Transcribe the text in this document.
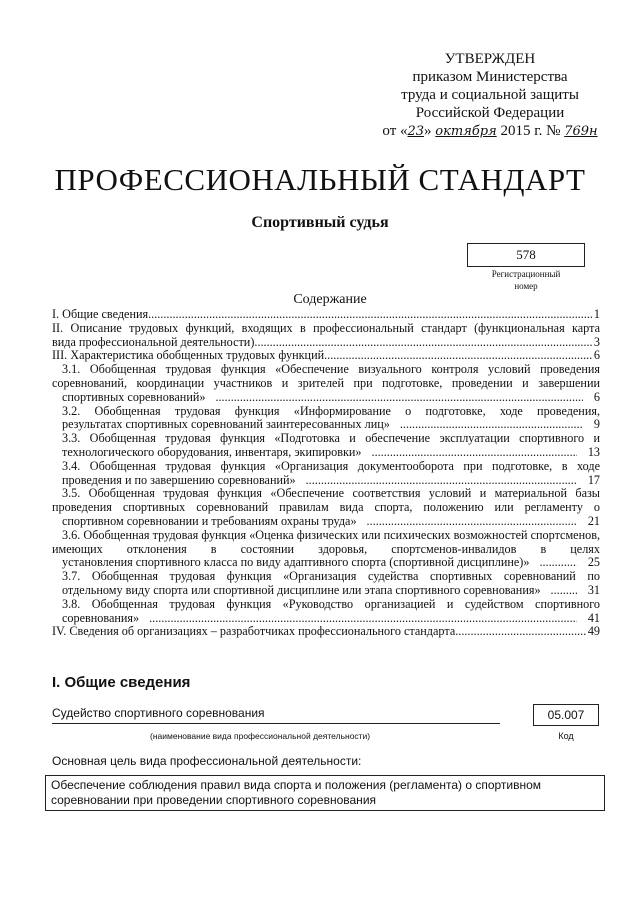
УТВЕРЖДЕН
приказом Министерства
труда и социальной защиты
Российской Федерации
от «23» октября 2015 г. № 769н
ПРОФЕССИОНАЛЬНЫЙ СТАНДАРТ
Спортивный судья
578
Регистрационный
номер
Содержание
I. Общие сведения .....	1
II. Описание трудовых функций, входящих в профессиональный стандарт (функциональная карта
вида профессиональной деятельности) .....	3
III. Характеристика обобщенных трудовых функций .....	6
3.1. Обобщенная трудовая функция «Обеспечение визуального контроля условий проведения соревнований, координации участников и зрителей при подготовке, проведении и завершении
спортивных соревнований» .....	6
3.2. Обобщенная трудовая функция «Информирование о подготовке, ходе проведения,
результатах спортивных соревнований заинтересованных лиц» .....	9
3.3. Обобщенная трудовая функция «Подготовка и обеспечение эксплуатации спортивного и
технологического оборудования, инвентаря, экипировки» .....	13
3.4. Обобщенная трудовая функция «Организация документооборота при подготовке, в ходе
проведения и по завершению соревнований» .....	17
3.5. Обобщенная трудовая функция «Обеспечение соответствия условий и материальной базы проведения спортивных соревнований правилам вида спорта, положению или регламенту о
спортивном соревновании и требованиям охраны труда» .....	21
3.6. Обобщенная трудовая функция «Оценка физических или психических возможностей спортсменов, имеющих отклонения в состоянии здоровья, спортсменов-инвалидов в целях
установления спортивного класса по виду адаптивного спорта (спортивной дисциплине)» .....	25
3.7. Обобщенная трудовая функция «Организация судейства спортивных соревнований по
отдельному виду спорта или спортивной дисциплине или этапа спортивного соревнования» .....	31
3.8. Обобщенная трудовая функция «Руководство организацией и судейством спортивного
соревнования» .....	41
IV. Сведения об организациях – разработчиках профессионального стандарта .....	49
I. Общие сведения
Судейство спортивного соревнования
(наименование вида профессиональной деятельности)
05.007
Код
Основная цель вида профессиональной деятельности:
Обеспечение соблюдения правил вида спорта и положения (регламента) о спортивном соревновании при проведении спортивного соревнования
